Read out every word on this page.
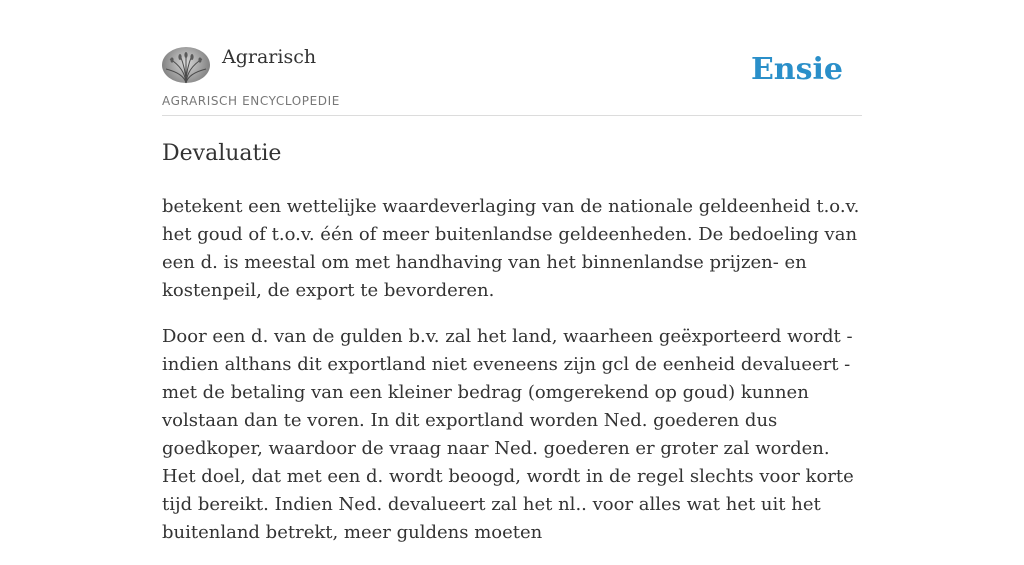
Agrarisch
AGRARISCH ENCYCLOPEDIE
Ensie
Devaluatie

betekent een wettelijke waardeverlaging van de nationale geldeenheid t.o.v. het goud of t.o.v. één of meer buitenlandse geldeenheden. De bedoeling van een d. is meestal om met handhaving van het binnenlandse prijzen- en kostenpeil, de export te bevorderen.

Door een d. van de gulden b.v. zal het land, waarheen geëxporteerd wordt - indien althans dit exportland niet eveneens zijn gcl de eenheid devalueert - met de betaling van een kleiner bedrag (omgerekend op goud) kunnen volstaan dan te voren. In dit exportland worden Ned. goederen dus goedkoper, waardoor de vraag naar Ned. goederen er groter zal worden. Het doel, dat met een d. wordt beoogd, wordt in de regel slechts voor korte tijd bereikt. Indien Ned. devalueert zal het nl.. voor alles wat het uit het buitenland betrekt, meer guldens moeten
